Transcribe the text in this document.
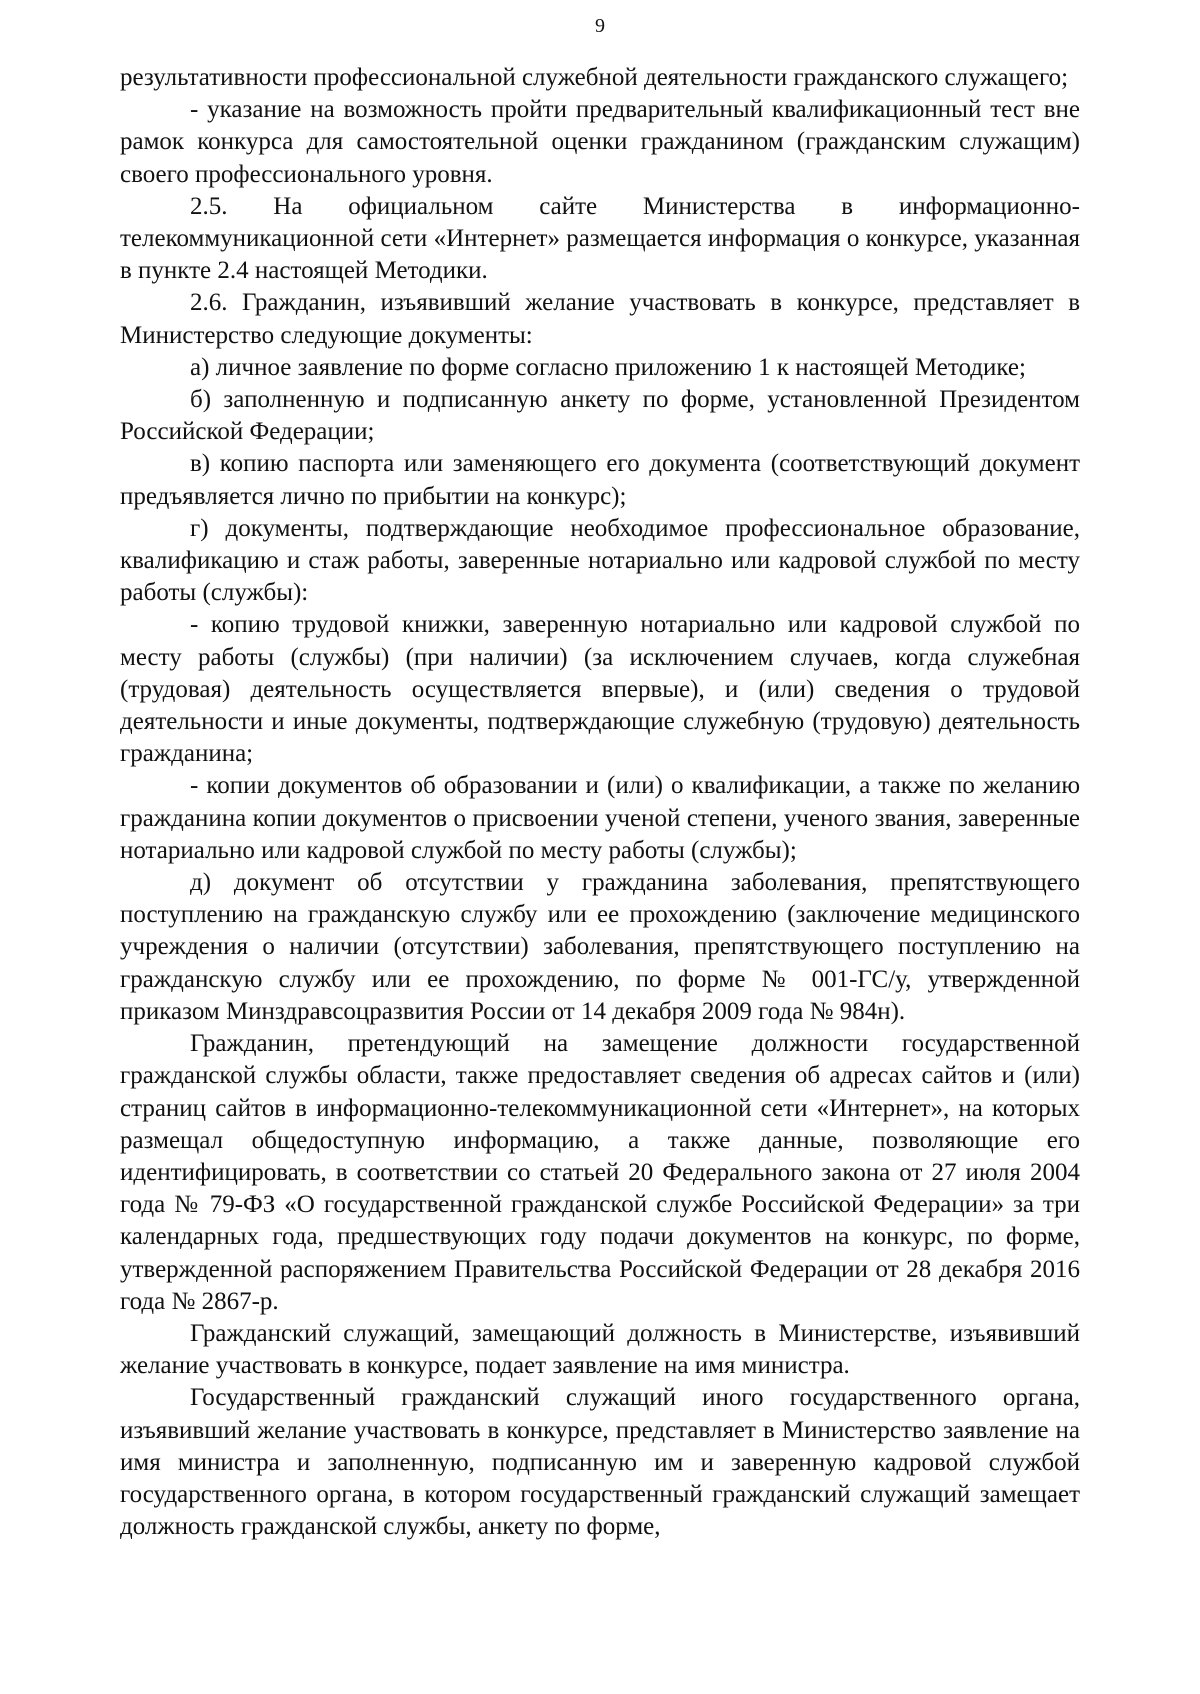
9

результативности профессиональной служебной деятельности гражданского служащего;

- указание на возможность пройти предварительный квалификационный тест вне рамок конкурса для самостоятельной оценки гражданином (гражданским служащим) своего профессионального уровня.

2.5. На официальном сайте Министерства в информационно-телекоммуникационной сети «Интернет» размещается информация о конкурсе, указанная в пункте 2.4 настоящей Методики.

2.6. Гражданин, изъявивший желание участвовать в конкурсе, представляет в Министерство следующие документы:

а) личное заявление по форме согласно приложению 1 к настоящей Методике;

б) заполненную и подписанную анкету по форме, установленной Президентом Российской Федерации;

в) копию паспорта или заменяющего его документа (соответствующий документ предъявляется лично по прибытии на конкурс);

г) документы, подтверждающие необходимое профессиональное образование, квалификацию и стаж работы, заверенные нотариально или кадровой службой по месту работы (службы):

- копию трудовой книжки, заверенную нотариально или кадровой службой по месту работы (службы) (при наличии) (за исключением случаев, когда служебная (трудовая) деятельность осуществляется впервые), и (или) сведения о трудовой деятельности и иные документы, подтверждающие служебную (трудовую) деятельность гражданина;

- копии документов об образовании и (или) о квалификации, а также по желанию гражданина копии документов о присвоении ученой степени, ученого звания, заверенные нотариально или кадровой службой по месту работы (службы);

д) документ об отсутствии у гражданина заболевания, препятствующего поступлению на гражданскую службу или ее прохождению (заключение медицинского учреждения о наличии (отсутствии) заболевания, препятствующего поступлению на гражданскую службу или ее прохождению, по форме № 001-ГС/у, утвержденной приказом Минздравсоцразвития России от 14 декабря 2009 года № 984н).

Гражданин, претендующий на замещение должности государственной гражданской службы области, также предоставляет сведения об адресах сайтов и (или) страниц сайтов в информационно-телекоммуникационной сети «Интернет», на которых размещал общедоступную информацию, а также данные, позволяющие его идентифицировать, в соответствии со статьей 20 Федерального закона от 27 июля 2004 года № 79-ФЗ «О государственной гражданской службе Российской Федерации» за три календарных года, предшествующих году подачи документов на конкурс, по форме, утвержденной распоряжением Правительства Российской Федерации от 28 декабря 2016 года № 2867-р.

Гражданский служащий, замещающий должность в Министерстве, изъявивший желание участвовать в конкурсе, подает заявление на имя министра.

Государственный гражданский служащий иного государственного органа, изъявивший желание участвовать в конкурсе, представляет в Министерство заявление на имя министра и заполненную, подписанную им и заверенную кадровой службой государственного органа, в котором государственный гражданский служащий замещает должность гражданской службы, анкету по форме,
